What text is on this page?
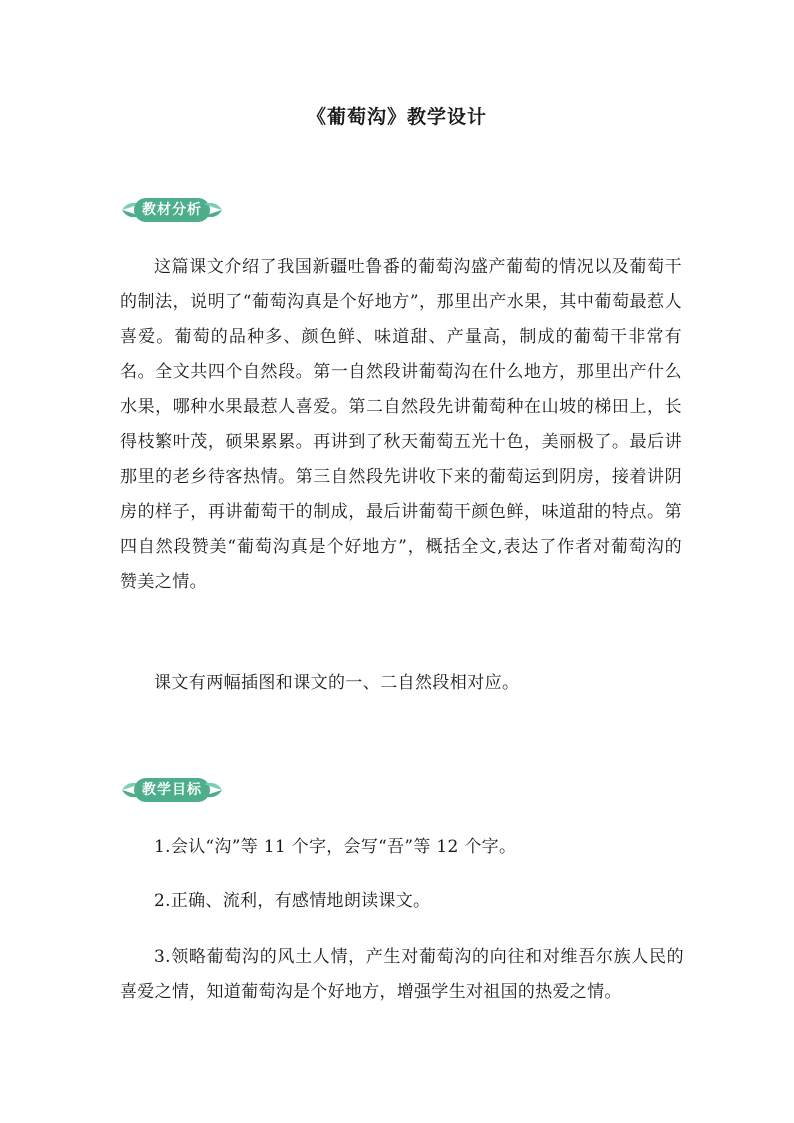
《葡萄沟》教学设计
教材分析
这篇课文介绍了我国新疆吐鲁番的葡萄沟盛产葡萄的情况以及葡萄干的制法，说明了“葡萄沟真是个好地方”，那里出产水果，其中葡萄最惹人喜爱。葡萄的品种多、颜色鲜、味道甜、产量高，制成的葡萄干非常有名。全文共四个自然段。第一自然段讲葡萄沟在什么地方，那里出产什么水果，哪种水果最惹人喜爱。第二自然段先讲葡萄种在山坡的梯田上，长得枝繁叶茂，硕果累累。再讲到了秋天葡萄五光十色，美丽极了。最后讲那里的老乡待客热情。第三自然段先讲收下来的葡萄运到阴房，接着讲阴房的样子，再讲葡萄干的制成，最后讲葡萄干颜色鲜，味道甜的特点。第四自然段赞美“葡萄沟真是个好地方”，概括全文,表达了作者对葡萄沟的赞美之情。
课文有两幅插图和课文的一、二自然段相对应。
教学目标
1.会认“沟”等 11 个字，会写“吾”等 12 个字。
2.正确、流利，有感情地朗读课文。
3.领略葡萄沟的风土人情，产生对葡萄沟的向往和对维吾尔族人民的喜爱之情，知道葡萄沟是个好地方，增强学生对祖国的热爱之情。
